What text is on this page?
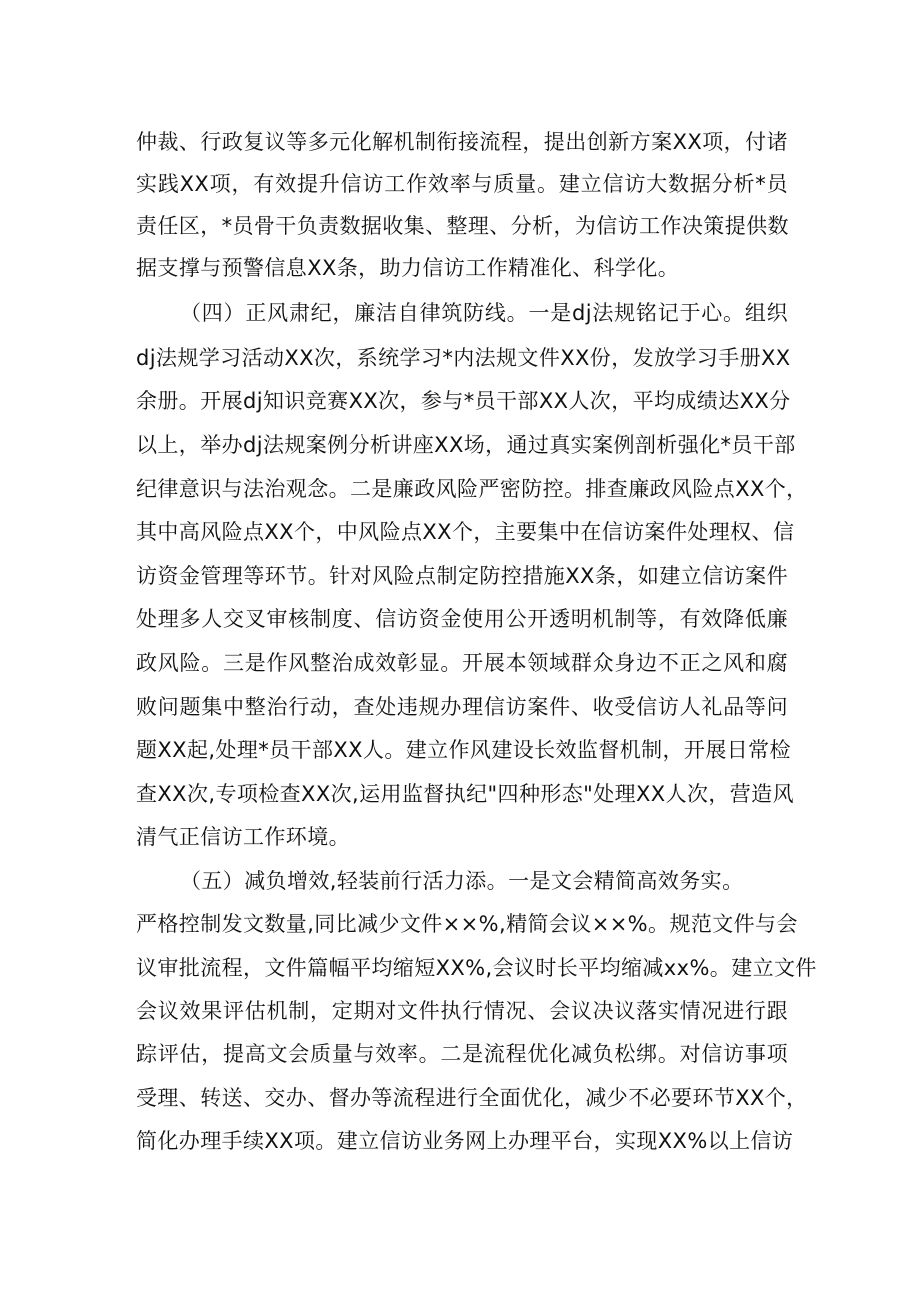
仲裁、行政复议等多元化解机制衔接流程，提出创新方案XX项，付诸
实践XX项，有效提升信访工作效率与质量。建立信访大数据分析*员
责任区，*员骨干负责数据收集、整理、分析，为信访工作决策提供数
据支撑与预警信息XX条，助力信访工作精准化、科学化。
（四）正风肃纪，廉洁自律筑防线。一是dj法规铭记于心。组织
dj法规学习活动XX次，系统学习*内法规文件XX份，发放学习手册XX
余册。开展dj知识竞赛XX次，参与*员干部XX人次，平均成绩达XX分
以上，举办dj法规案例分析讲座XX场，通过真实案例剖析强化*员干部
纪律意识与法治观念。二是廉政风险严密防控。排查廉政风险点XX个，
其中高风险点XX个，中风险点XX个，主要集中在信访案件处理权、信
访资金管理等环节。针对风险点制定防控措施XX条，如建立信访案件
处理多人交叉审核制度、信访资金使用公开透明机制等，有效降低廉
政风险。三是作风整治成效彰显。开展本领域群众身边不正之风和腐
败问题集中整治行动，查处违规办理信访案件、收受信访人礼品等问
题XX起,处理*员干部XX人。建立作风建设长效监督机制，开展日常检
查XX次,专项检查XX次,运用监督执纪"四种形态"处理XX人次，营造风
清气正信访工作环境。
（五）减负增效,轻装前行活力添。一是文会精简高效务实。
严格控制发文数量,同比减少文件××%,精简会议××%。规范文件与会
议审批流程，文件篇幅平均缩短XX%,会议时长平均缩减xx%。建立文件
会议效果评估机制，定期对文件执行情况、会议决议落实情况进行跟
踪评估，提高文会质量与效率。二是流程优化减负松绑。对信访事项
受理、转送、交办、督办等流程进行全面优化，减少不必要环节XX个，
简化办理手续XX项。建立信访业务网上办理平台，实现XX%以上信访
